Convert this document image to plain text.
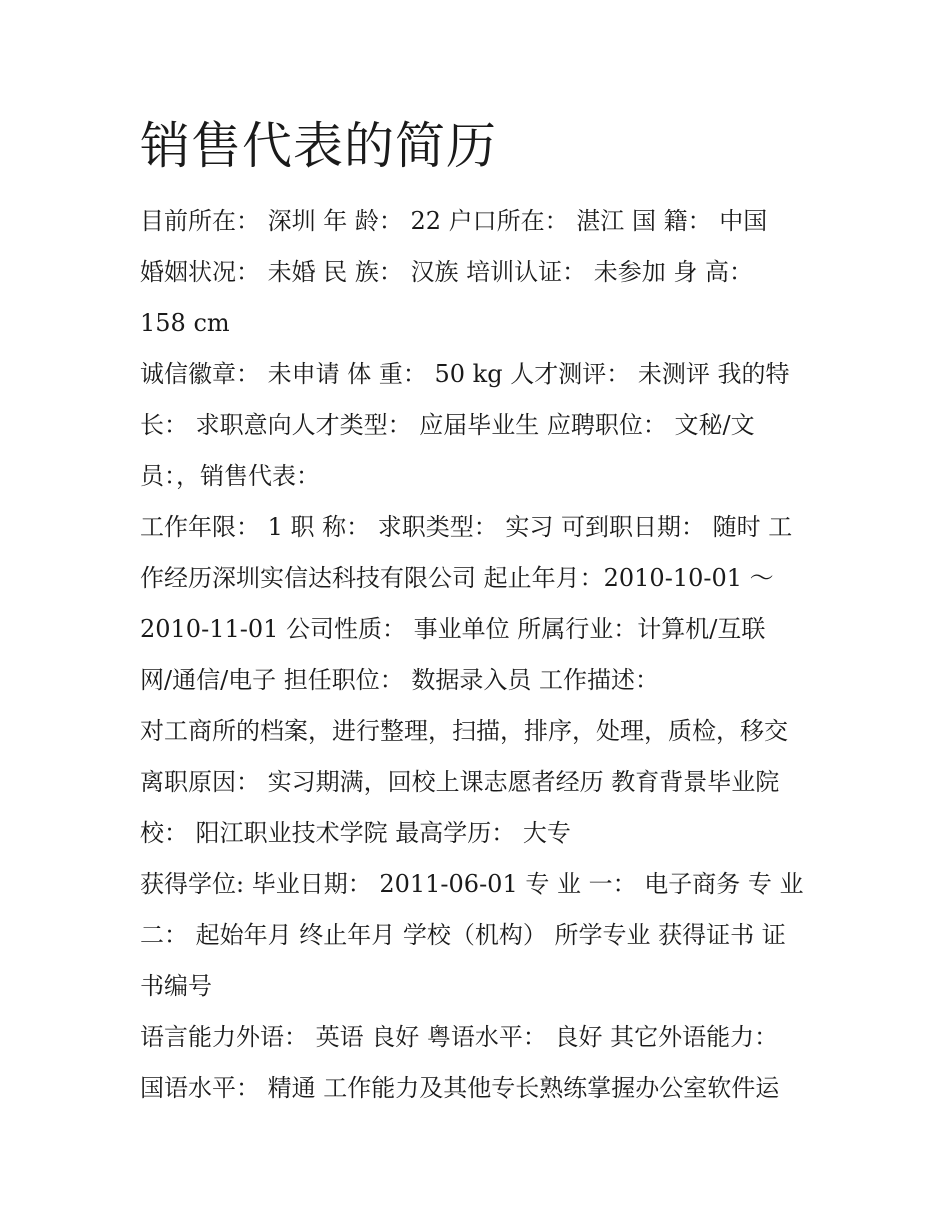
销售代表的简历
目前所在： 深圳 年 龄： 22 户口所在： 湛江 国 籍： 中国
婚姻状况： 未婚 民 族： 汉族 培训认证： 未参加 身 高：
158 cm
诚信徽章： 未申请 体 重： 50 kg 人才测评： 未测评 我的特
长： 求职意向人才类型： 应届毕业生 应聘职位： 文秘/文
员：，销售代表：
工作年限： 1 职 称： 求职类型： 实习 可到职日期： 随时 工
作经历深圳实信达科技有限公司 起止年月：2010-10-01 ～
2010-11-01 公司性质： 事业单位 所属行业：计算机/互联
网/通信/电子 担任职位： 数据录入员 工作描述：
对工商所的档案，进行整理，扫描，排序，处理，质检，移交
离职原因： 实习期满，回校上课志愿者经历 教育背景毕业院
校： 阳江职业技术学院 最高学历： 大专
获得学位: 毕业日期： 2011-06-01 专 业 一： 电子商务 专 业
二： 起始年月 终止年月 学校（机构） 所学专业 获得证书 证
书编号
语言能力外语： 英语 良好 粤语水平： 良好 其它外语能力：
国语水平： 精通 工作能力及其他专长熟练掌握办公室软件运
